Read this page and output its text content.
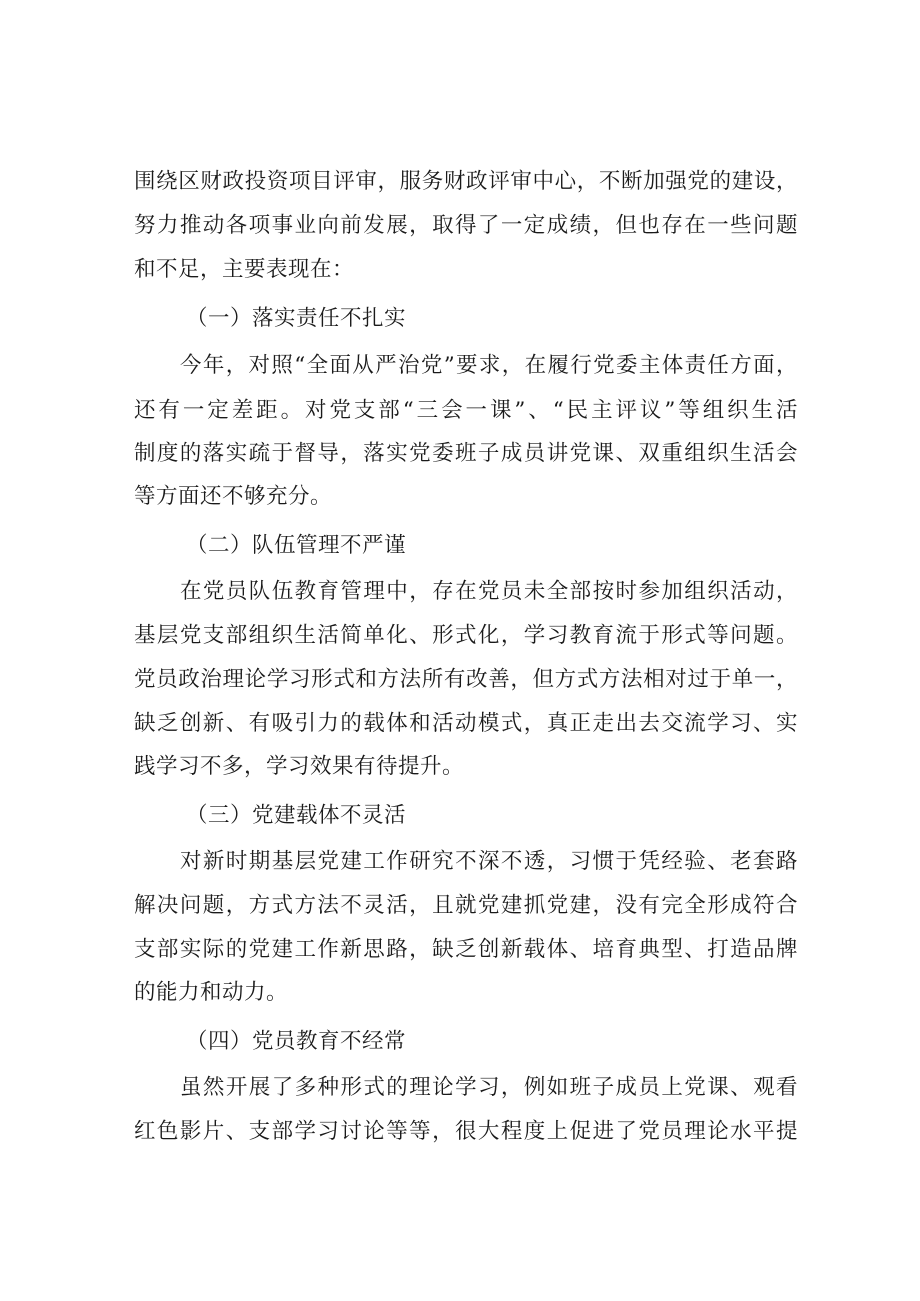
围绕区财政投资项目评审，服务财政评审中心，不断加强党的建设，
努力推动各项事业向前发展，取得了一定成绩，但也存在一些问题
和不足，主要表现在：
（一）落实责任不扎实
今年，对照“全面从严治党”要求，在履行党委主体责任方面，
还有一定差距。对党支部“三会一课”、“民主评议”等组织生活
制度的落实疏于督导，落实党委班子成员讲党课、双重组织生活会
等方面还不够充分。
（二）队伍管理不严谨
在党员队伍教育管理中，存在党员未全部按时参加组织活动，
基层党支部组织生活简单化、形式化，学习教育流于形式等问题。
党员政治理论学习形式和方法所有改善，但方式方法相对过于单一，
缺乏创新、有吸引力的载体和活动模式，真正走出去交流学习、实
践学习不多，学习效果有待提升。
（三）党建载体不灵活
对新时期基层党建工作研究不深不透，习惯于凭经验、老套路
解决问题，方式方法不灵活，且就党建抓党建，没有完全形成符合
支部实际的党建工作新思路，缺乏创新载体、培育典型、打造品牌
的能力和动力。
（四）党员教育不经常
虽然开展了多种形式的理论学习，例如班子成员上党课、观看
红色影片、支部学习讨论等等，很大程度上促进了党员理论水平提
